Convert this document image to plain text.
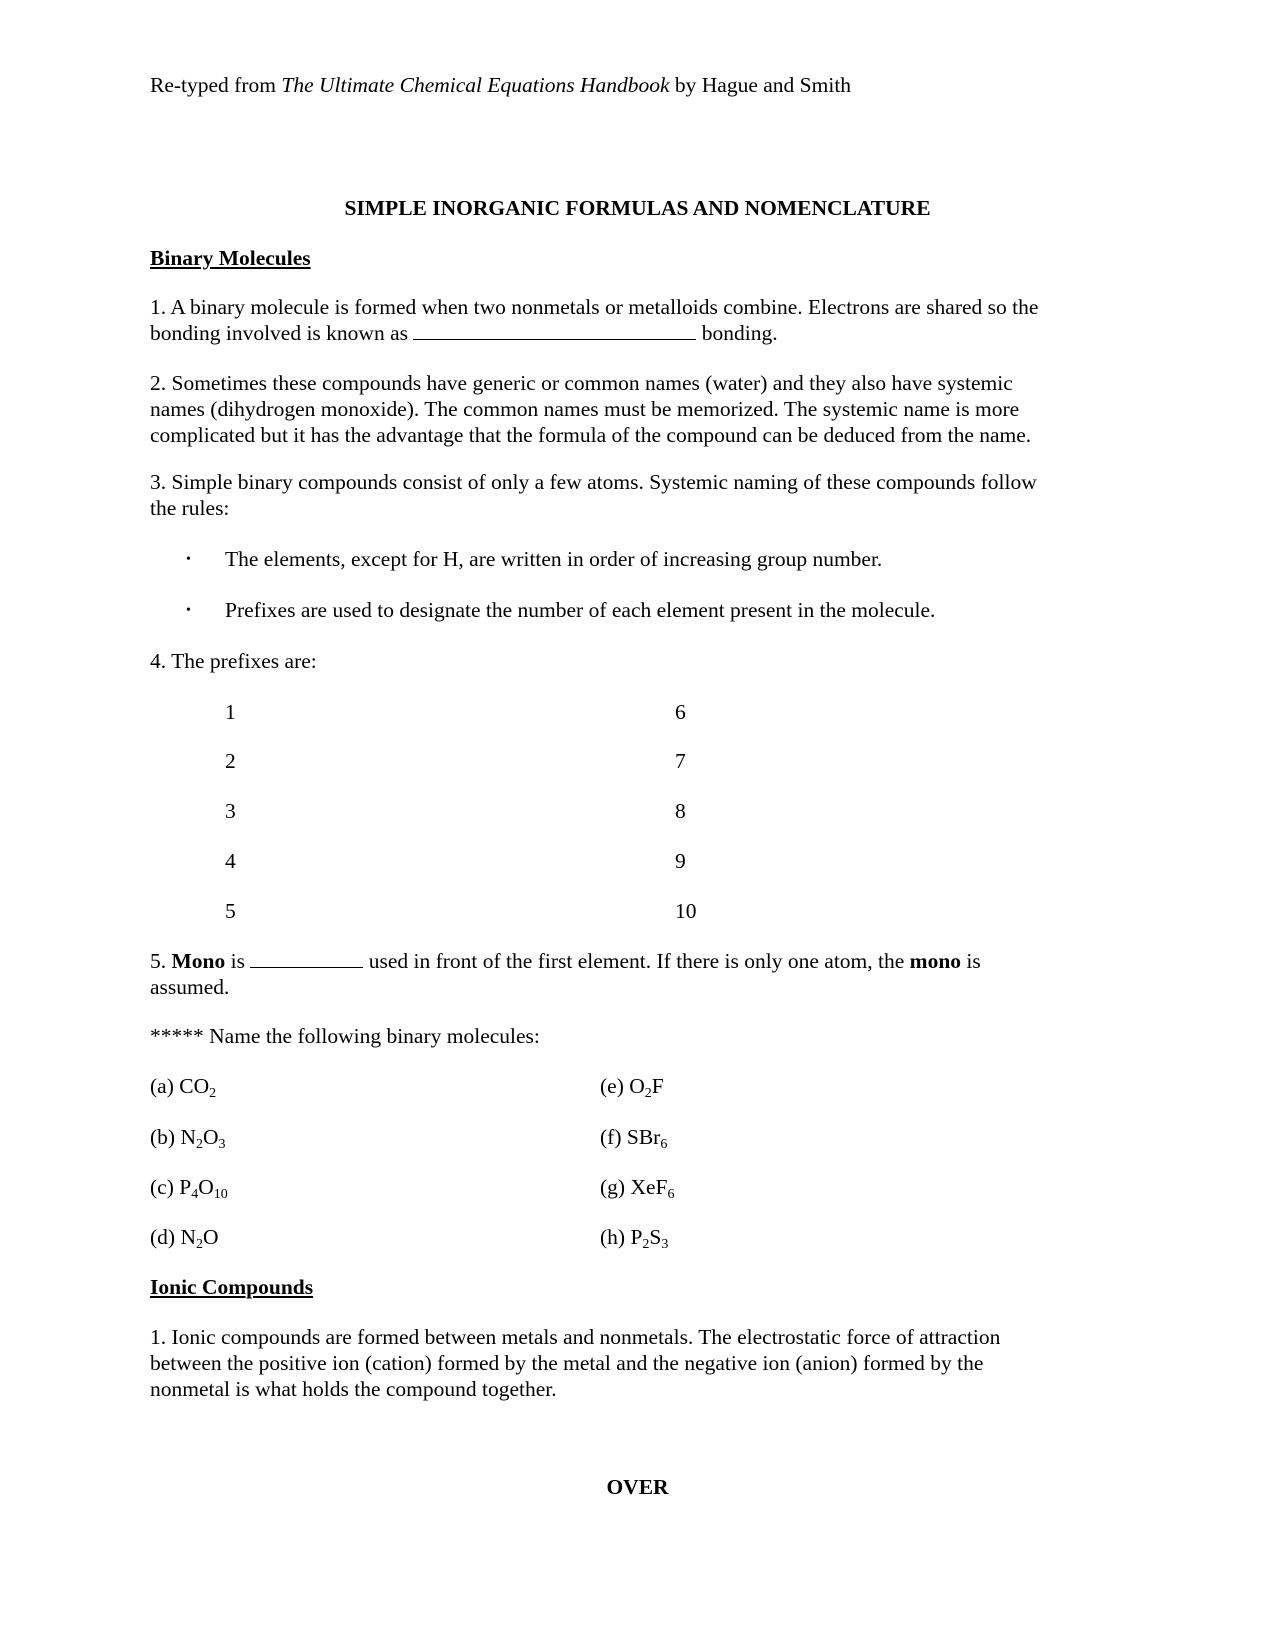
Re-typed from The Ultimate Chemical Equations Handbook by Hague and Smith
SIMPLE INORGANIC FORMULAS AND NOMENCLATURE
Binary Molecules
1. A binary molecule is formed when two nonmetals or metalloids combine. Electrons are shared so the
bonding involved is known as	bonding.
2. Sometimes these compounds have generic or common names (water) and they also have systemic
names (dihydrogen monoxide). The common names must be memorized. The systemic name is more
complicated but it has the advantage that the formula of the compound can be deduced from the name.
3. Simple binary compounds consist of only a few atoms. Systemic naming of these compounds follow
the rules:
• The elements, except for H, are written in order of increasing group number.
• Prefixes are used to designate the number of each element present in the molecule.
4. The prefixes are:
1
2
3
4
5
6
7
8
9
10
5. Mono is	used in front of the first element. If there is only one atom, the mono is
assumed.
***** Name the following binary molecules:
(a) $CO_2$
(b) $N_2O_3$
(c) $P_4O_{10}$
(d) $N_2O$
(e) $O_2F$
(f) SBr$_6$
(g) XeF$_6$
(h) $P_2S_3$
Ionic Compounds
1. Ionic compounds are formed between metals and nonmetals. The electrostatic force of attraction
between the positive ion (cation) formed by the metal and the negative ion (anion) formed by the
nonmetal is what holds the compound together.
OVER
